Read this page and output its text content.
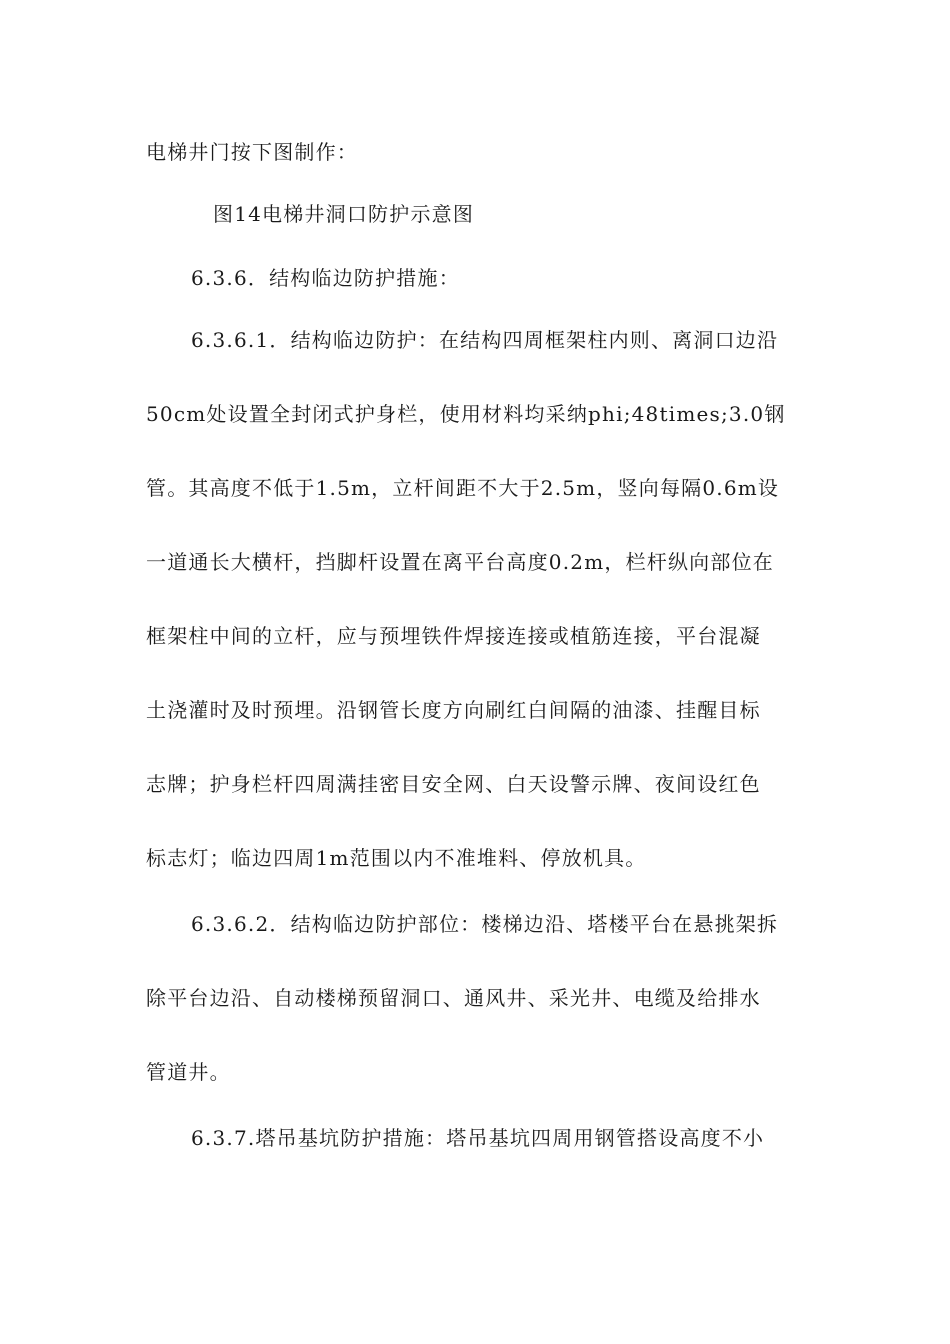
电梯井门按下图制作：
图14电梯井洞口防护示意图
6.3.6．结构临边防护措施：
6.3.6.1．结构临边防护：在结构四周框架柱内则、离洞口边沿
50cm处设置全封闭式护身栏，使用材料均采纳phi;48times;3.0钢
管。其高度不低于1.5m，立杆间距不大于2.5m，竖向每隔0.6m设
一道通长大横杆，挡脚杆设置在离平台高度0.2m，栏杆纵向部位在
框架柱中间的立杆，应与预埋铁件焊接连接或植筋连接，平台混凝
土浇灌时及时预埋。沿钢管长度方向刷红白间隔的油漆、挂醒目标
志牌；护身栏杆四周满挂密目安全网、白天设警示牌、夜间设红色
标志灯；临边四周1m范围以内不准堆料、停放机具。
6.3.6.2．结构临边防护部位：楼梯边沿、塔楼平台在悬挑架拆
除平台边沿、自动楼梯预留洞口、通风井、采光井、电缆及给排水
管道井。
6.3.7.塔吊基坑防护措施：塔吊基坑四周用钢管搭设高度不小
